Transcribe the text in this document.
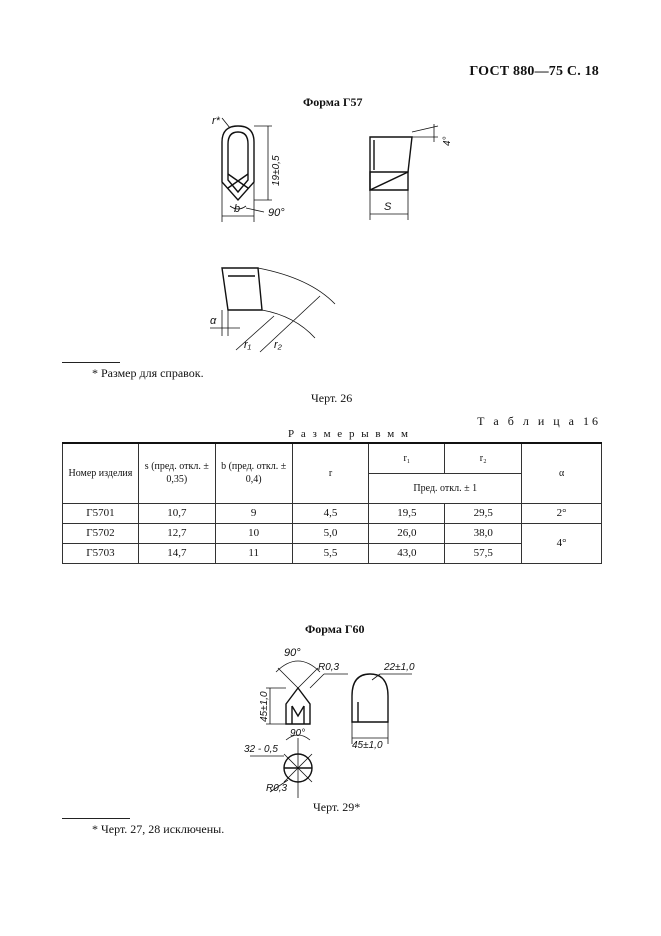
ГОСТ 880—75 С. 18
Форма Г57
r*
19±0,5
b	90°	S
4°
α
r₁ r₂
* Размер для справок.
Черт. 26
Т а б л и ц а 16
Р а з м е р ы в м м
Номер изделия	s (пред. откл. ± 0,35)	b (пред. откл. ± 0,4)	r	r₁	r₂	α
				Пред. откл. ± 1		
Г5701	10,7	9	4,5	19,5	29,5	2°
Г5702	12,7	10	5,0	26,0	38,0	4°
Г5703	14,7	11	5,5	43,0	57,5	
Форма Г60
90°
R0,3
45±1,0
90°
32 - 0,5
R0,3
22±1,0
45±1,0
Черт. 29*
* Черт. 27, 28 исключены.
